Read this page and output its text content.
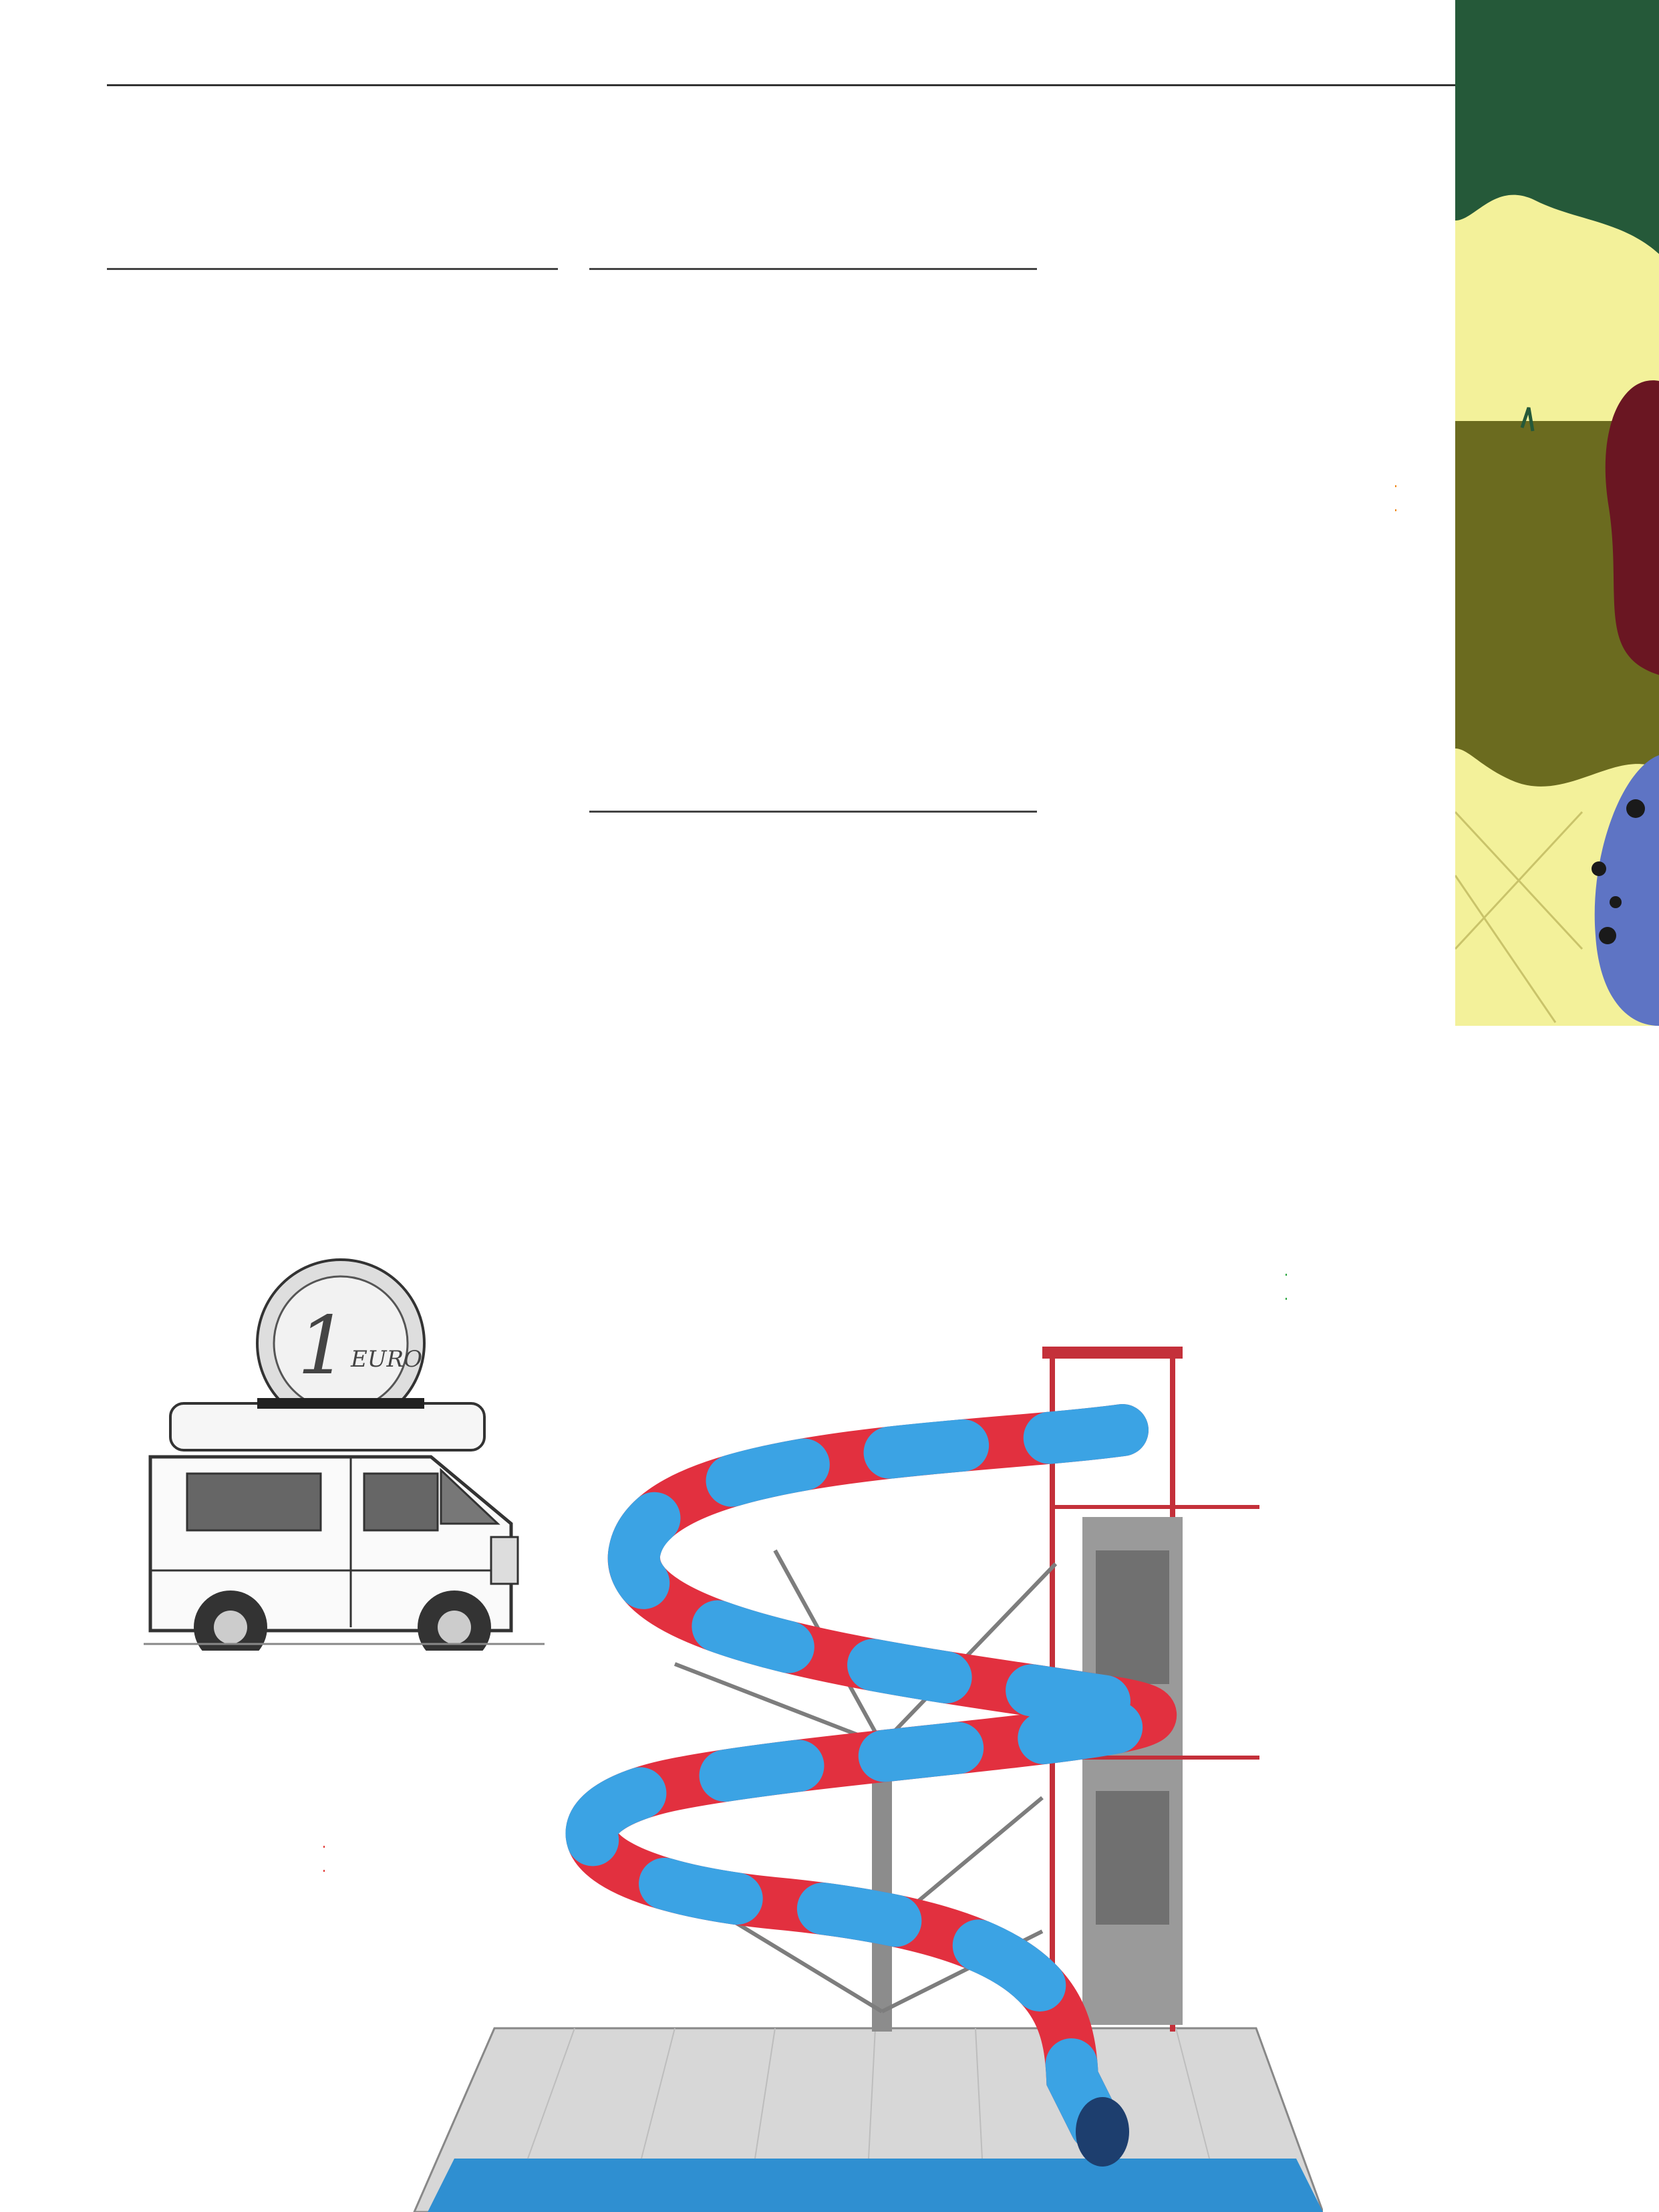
1 EURO
